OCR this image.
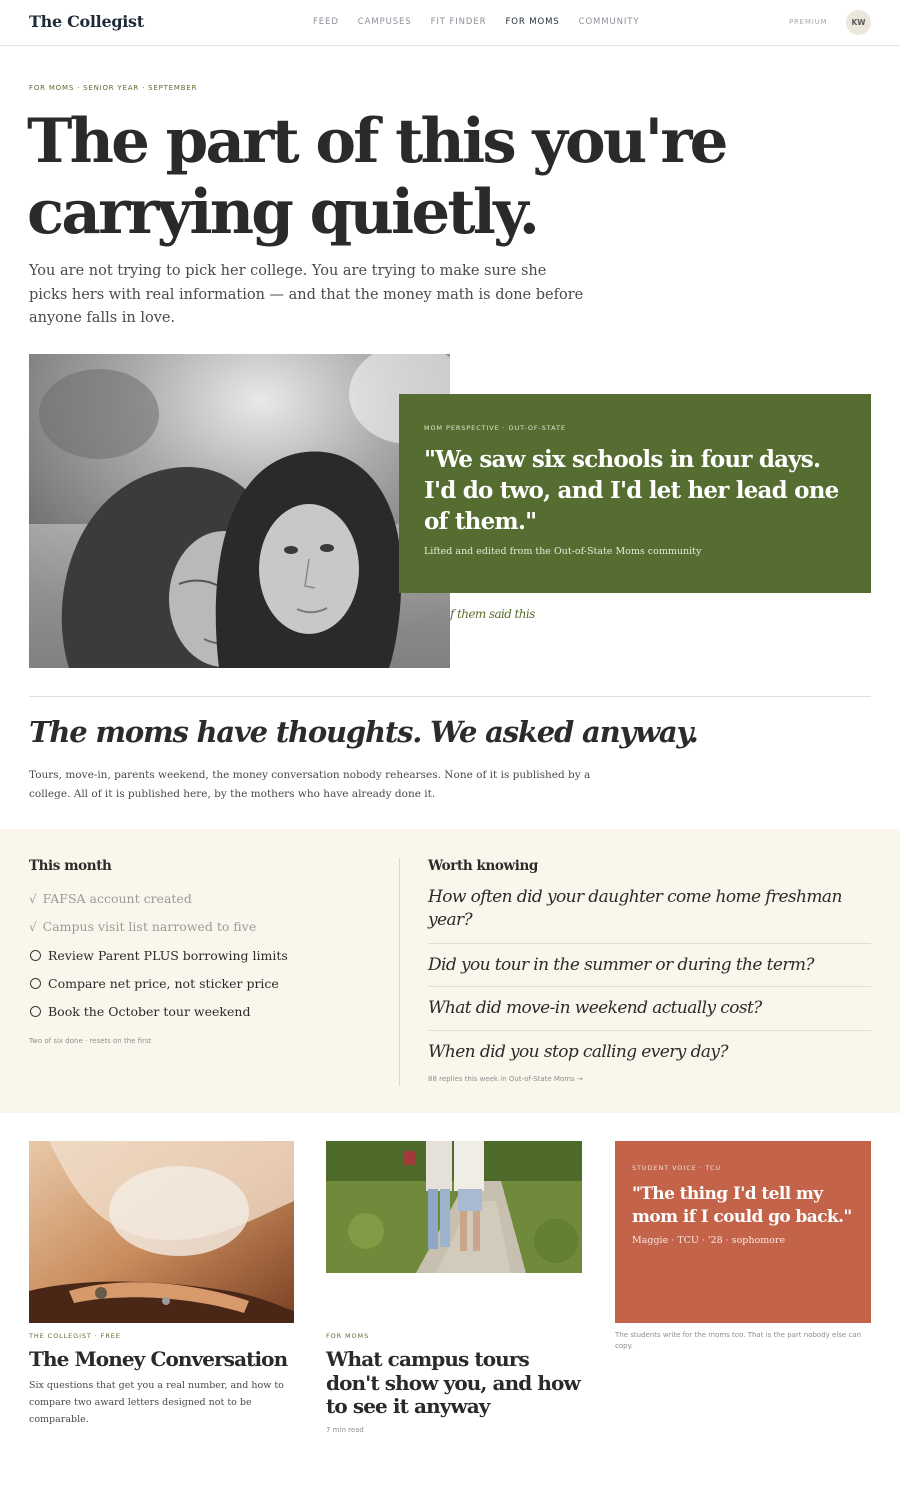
The Collegist	FEED CAMPUSES FIT FINDER FOR MOMS COMMUNITY	PREMIUM	KW
FOR MOMS · SENIOR YEAR · SEPTEMBER
The part of this you're
carrying quietly.

You are not trying to pick her college. You are trying to make sure she picks hers with real information — and that the money math is done before anyone falls in love.

MOM PERSPECTIVE · OUT-OF-STATE
"We saw six schools in four days. I'd do two, and I'd let her lead one of them."
Lifted and edited from the Out-of-State Moms community
f them said this
The moms have thoughts. We asked anyway.

Tours, move-in, parents weekend, the money conversation nobody rehearses. None of it is published by a college. All of it is published here, by the mothers who have already done it.

This month
√ FAFSA account created
√ Campus visit list narrowed to five
Review Parent PLUS borrowing limits
Compare net price, not sticker price
Book the October tour weekend
Two of six done · resets on the first
Worth knowing
How often did your daughter come home freshman year?
Did you tour in the summer or during the term?
What did move-in weekend actually cost?
When did you stop calling every day?
88 replies this week in Out-of-State Moms →
THE COLLEGIST · FREE
The Money Conversation
Six questions that get you a real number, and how to compare two award letters designed not to be comparable.
FOR MOMS
What campus tours don't show you, and how to see it anyway
7 min read
STUDENT VOICE · TCU
"The thing I'd tell my mom if I could go back."
Maggie · TCU · '28 · sophomore
The students write for the moms too. That is the part nobody else can copy.
